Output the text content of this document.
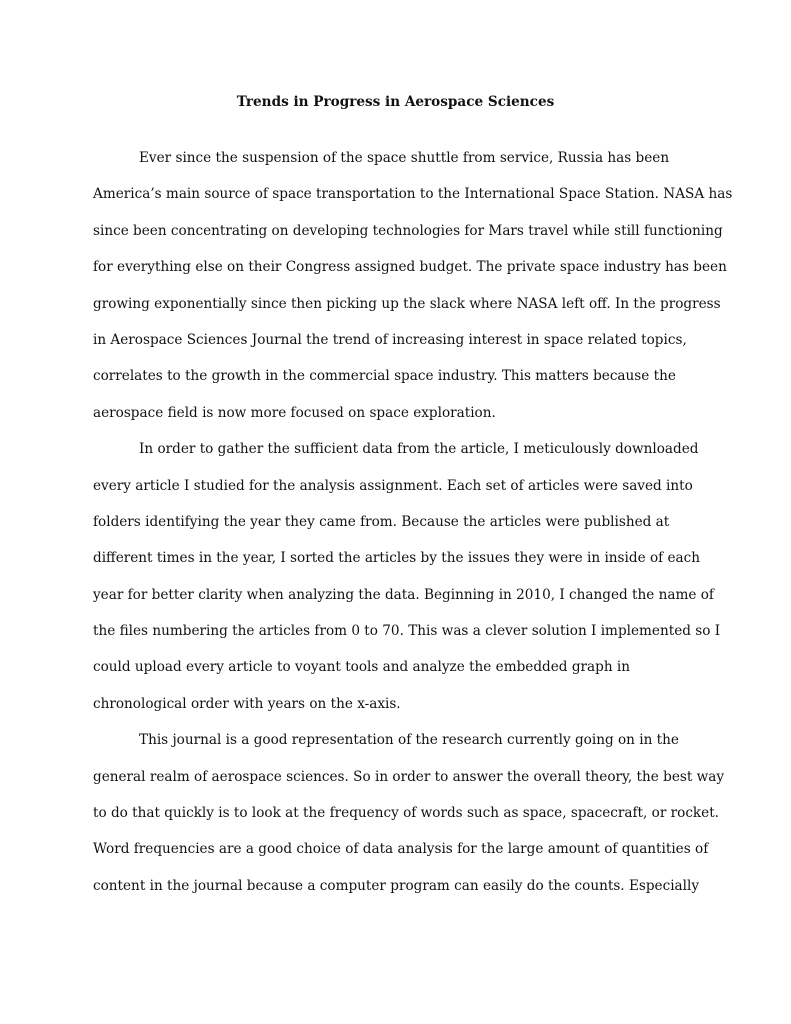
Trends in Progress in Aerospace Sciences
Ever since the suspension of the space shuttle from service, Russia has been
America’s main source of space transportation to the International Space Station. NASA has
since been concentrating on developing technologies for Mars travel while still functioning
for everything else on their Congress assigned budget. The private space industry has been
growing exponentially since then picking up the slack where NASA left off. In the progress
in Aerospace Sciences Journal the trend of increasing interest in space related topics,
correlates to the growth in the commercial space industry. This matters because the
aerospace field is now more focused on space exploration.
In order to gather the sufficient data from the article, I meticulously downloaded
every article I studied for the analysis assignment. Each set of articles were saved into
folders identifying the year they came from. Because the articles were published at
different times in the year, I sorted the articles by the issues they were in inside of each
year for better clarity when analyzing the data. Beginning in 2010, I changed the name of
the files numbering the articles from 0 to 70. This was a clever solution I implemented so I
could upload every article to voyant tools and analyze the embedded graph in
chronological order with years on the x-axis.
This journal is a good representation of the research currently going on in the
general realm of aerospace sciences. So in order to answer the overall theory, the best way
to do that quickly is to look at the frequency of words such as space, spacecraft, or rocket.
Word frequencies are a good choice of data analysis for the large amount of quantities of
content in the journal because a computer program can easily do the counts. Especially
